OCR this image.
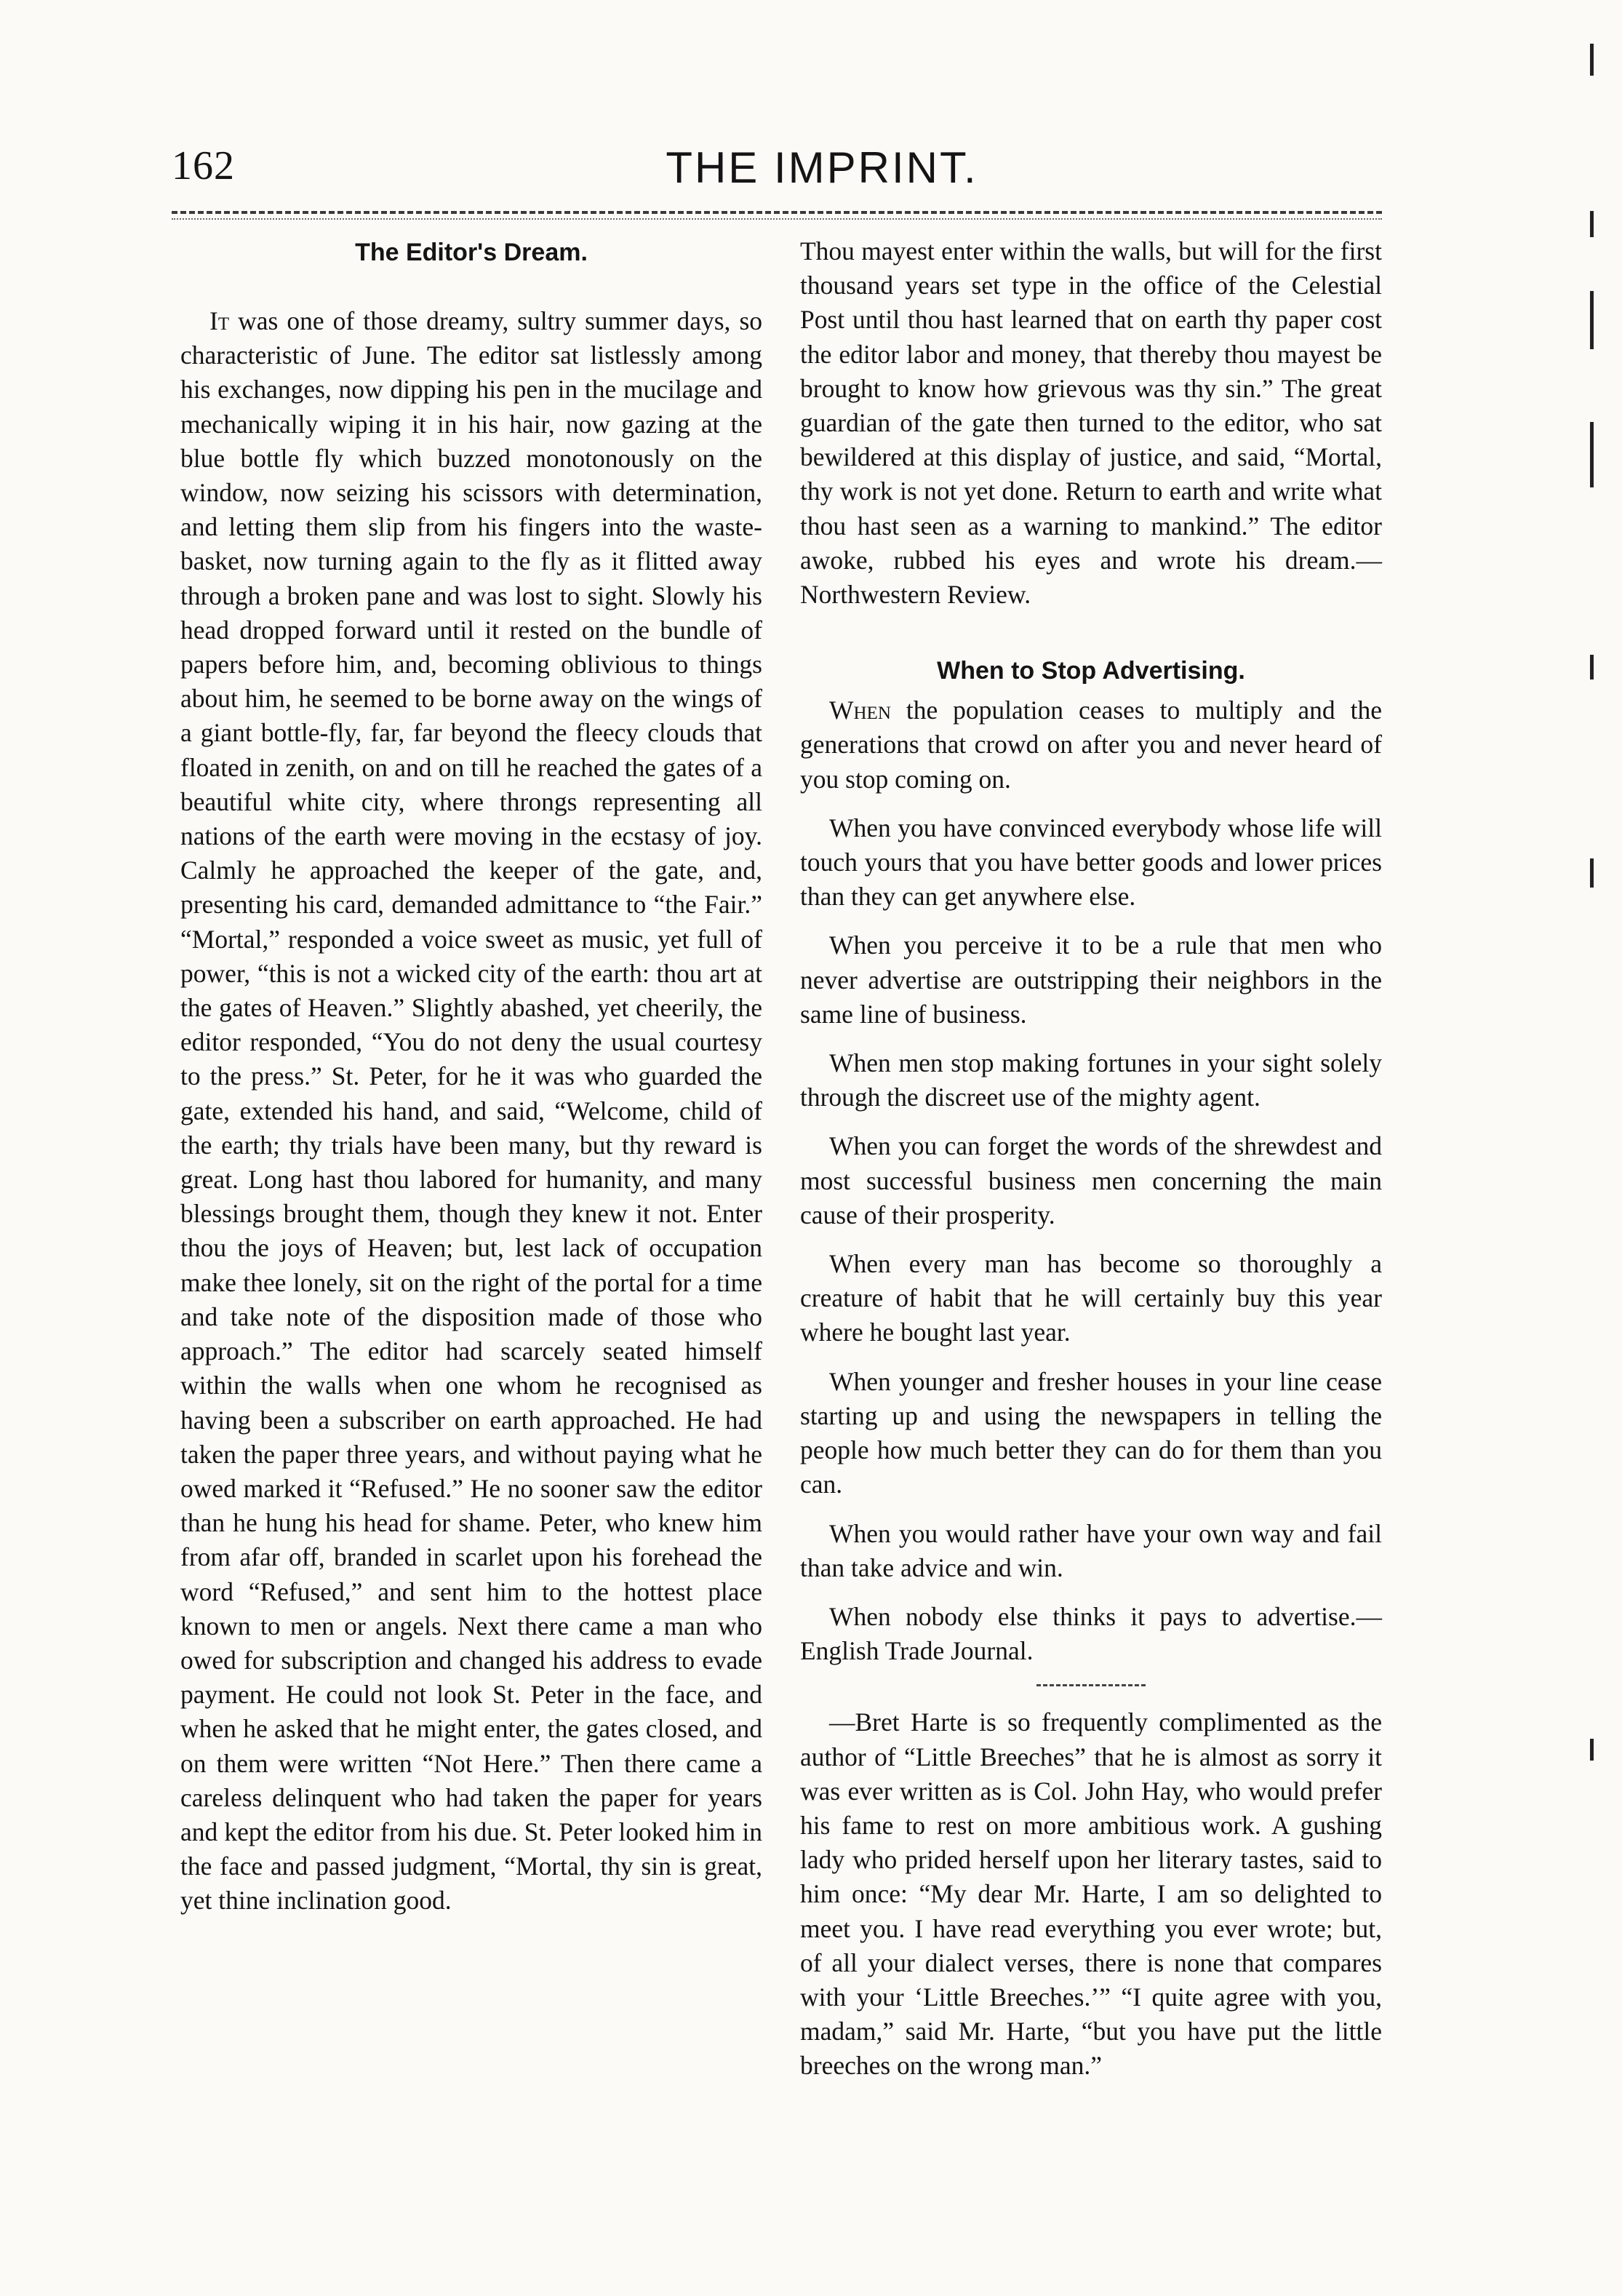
162	THE IMPRINT.
The Editor's Dream.

It was one of those dreamy, sultry summer days, so characteristic of June. The editor sat listlessly among his exchanges, now dipping his pen in the mucilage and mechanically wiping it in his hair, now gazing at the blue bottle fly which buzzed monotonously on the window, now seizing his scissors with determination, and letting them slip from his fingers into the waste-basket, now turning again to the fly as it flitted away through a broken pane and was lost to sight. Slowly his head dropped forward until it rested on the bundle of papers before him, and, becoming oblivious to things about him, he seemed to be borne away on the wings of a giant bottle-fly, far, far beyond the fleecy clouds that floated in zenith, on and on till he reached the gates of a beautiful white city, where throngs representing all nations of the earth were moving in the ecstasy of joy. Calmly he approached the keeper of the gate, and, presenting his card, demanded admittance to “the Fair.” “Mortal,” responded a voice sweet as music, yet full of power, “this is not a wicked city of the earth: thou art at the gates of Heaven.” Slightly abashed, yet cheerily, the editor responded, “You do not deny the usual courtesy to the press.” St. Peter, for he it was who guarded the gate, extended his hand, and said, “Welcome, child of the earth; thy trials have been many, but thy reward is great. Long hast thou labored for humanity, and many blessings brought them, though they knew it not. Enter thou the joys of Heaven; but, lest lack of occupation make thee lonely, sit on the right of the portal for a time and take note of the disposition made of those who approach.” The editor had scarcely seated himself within the walls when one whom he recognised as having been a subscriber on earth approached. He had taken the paper three years, and without paying what he owed marked it “Refused.” He no sooner saw the editor than he hung his head for shame. Peter, who knew him from afar off, branded in scarlet upon his forehead the word “Refused,” and sent him to the hottest place known to men or angels. Next there came a man who owed for subscription and changed his address to evade payment. He could not look St. Peter in the face, and when he asked that he might enter, the gates closed, and on them were written “Not Here.” Then there came a careless delinquent who had taken the paper for years and kept the editor from his due. St. Peter looked him in the face and passed judgment, “Mortal, thy sin is great, yet thine inclination good.

Thou mayest enter within the walls, but will for the first thousand years set type in the office of the Celestial Post until thou hast learned that on earth thy paper cost the editor labor and money, that thereby thou mayest be brought to know how grievous was thy sin.” The great guardian of the gate then turned to the editor, who sat bewildered at this display of justice, and said, “Mortal, thy work is not yet done. Return to earth and write what thou hast seen as a warning to mankind.” The editor awoke, rubbed his eyes and wrote his dream.—Northwestern Review.

When to Stop Advertising.

When the population ceases to multiply and the generations that crowd on after you and never heard of you stop coming on.

When you have convinced everybody whose life will touch yours that you have better goods and lower prices than they can get anywhere else.

When you perceive it to be a rule that men who never advertise are outstripping their neighbors in the same line of business.

When men stop making fortunes in your sight solely through the discreet use of the mighty agent.

When you can forget the words of the shrewdest and most successful business men concerning the main cause of their prosperity.

When every man has become so thoroughly a creature of habit that he will certainly buy this year where he bought last year.

When younger and fresher houses in your line cease starting up and using the newspapers in telling the people how much better they can do for them than you can.

When you would rather have your own way and fail than take advice and win.

When nobody else thinks it pays to advertise.—English Trade Journal.

—Bret Harte is so frequently complimented as the author of “Little Breeches” that he is almost as sorry it was ever written as is Col. John Hay, who would prefer his fame to rest on more ambitious work. A gushing lady who prided herself upon her literary tastes, said to him once: “My dear Mr. Harte, I am so delighted to meet you. I have read everything you ever wrote; but, of all your dialect verses, there is none that compares with your ‘Little Breeches.’” “I quite agree with you, madam,” said Mr. Harte, “but you have put the little breeches on the wrong man.”
